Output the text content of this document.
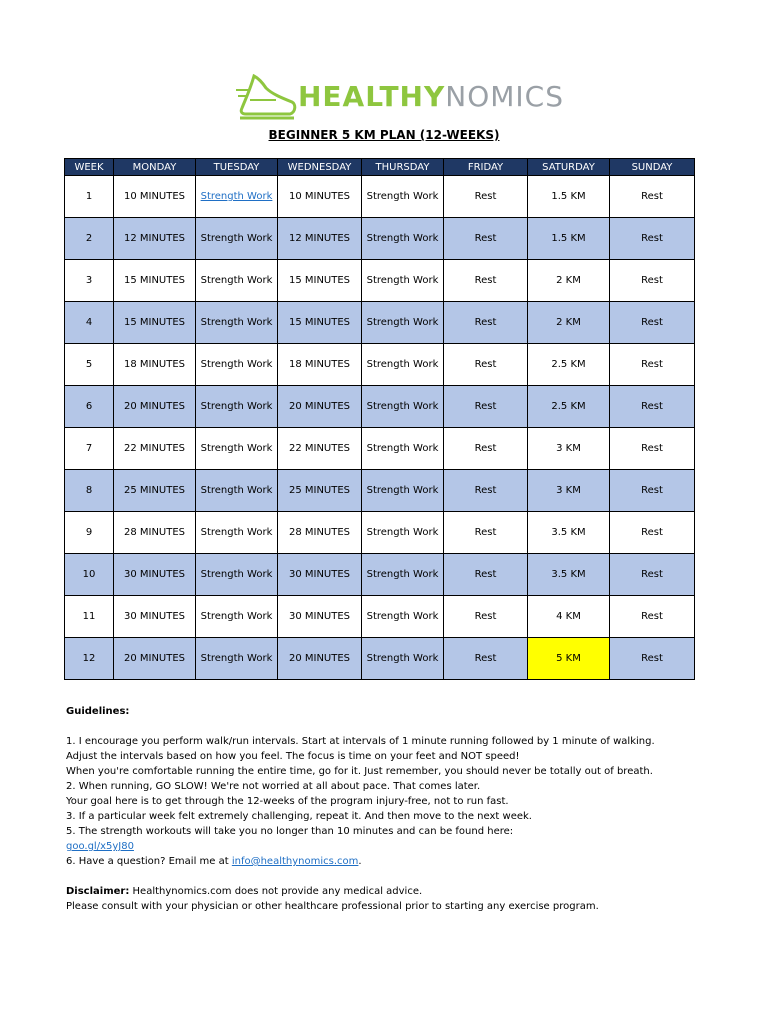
HEALTHYNOMICS
BEGINNER 5 KM PLAN (12-WEEKS)
WEEK	MONDAY	TUESDAY	WEDNESDAY	THURSDAY	FRIDAY	SATURDAY	SUNDAY
1	10 MINUTES	Strength Work	10 MINUTES	Strength Work	Rest	1.5 KM	Rest
2	12 MINUTES	Strength Work	12 MINUTES	Strength Work	Rest	1.5 KM	Rest
3	15 MINUTES	Strength Work	15 MINUTES	Strength Work	Rest	2 KM	Rest
4	15 MINUTES	Strength Work	15 MINUTES	Strength Work	Rest	2 KM	Rest
5	18 MINUTES	Strength Work	18 MINUTES	Strength Work	Rest	2.5 KM	Rest
6	20 MINUTES	Strength Work	20 MINUTES	Strength Work	Rest	2.5 KM	Rest
7	22 MINUTES	Strength Work	22 MINUTES	Strength Work	Rest	3 KM	Rest
8	25 MINUTES	Strength Work	25 MINUTES	Strength Work	Rest	3 KM	Rest
9	28 MINUTES	Strength Work	28 MINUTES	Strength Work	Rest	3.5 KM	Rest
10	30 MINUTES	Strength Work	30 MINUTES	Strength Work	Rest	3.5 KM	Rest
11	30 MINUTES	Strength Work	30 MINUTES	Strength Work	Rest	4 KM	Rest
12	20 MINUTES	Strength Work	20 MINUTES	Strength Work	Rest	5 KM	Rest

Guidelines:

1. I encourage you perform walk/run intervals. Start at intervals of 1 minute running followed by 1 minute of walking.

Adjust the intervals based on how you feel. The focus is time on your feet and NOT speed!

When you're comfortable running the entire time, go for it. Just remember, you should never be totally out of breath.

2. When running, GO SLOW! We're not worried at all about pace. That comes later.

Your goal here is to get through the 12-weeks of the program injury-free, not to run fast.

3. If a particular week felt extremely challenging, repeat it. And then move to the next week.

5. The strength workouts will take you no longer than 10 minutes and can be found here:

goo.gl/x5yJ80

6. Have a question? Email me at info@healthynomics.com.

Disclaimer: Healthynomics.com does not provide any medical advice.

Please consult with your physician or other healthcare professional prior to starting any exercise program.
